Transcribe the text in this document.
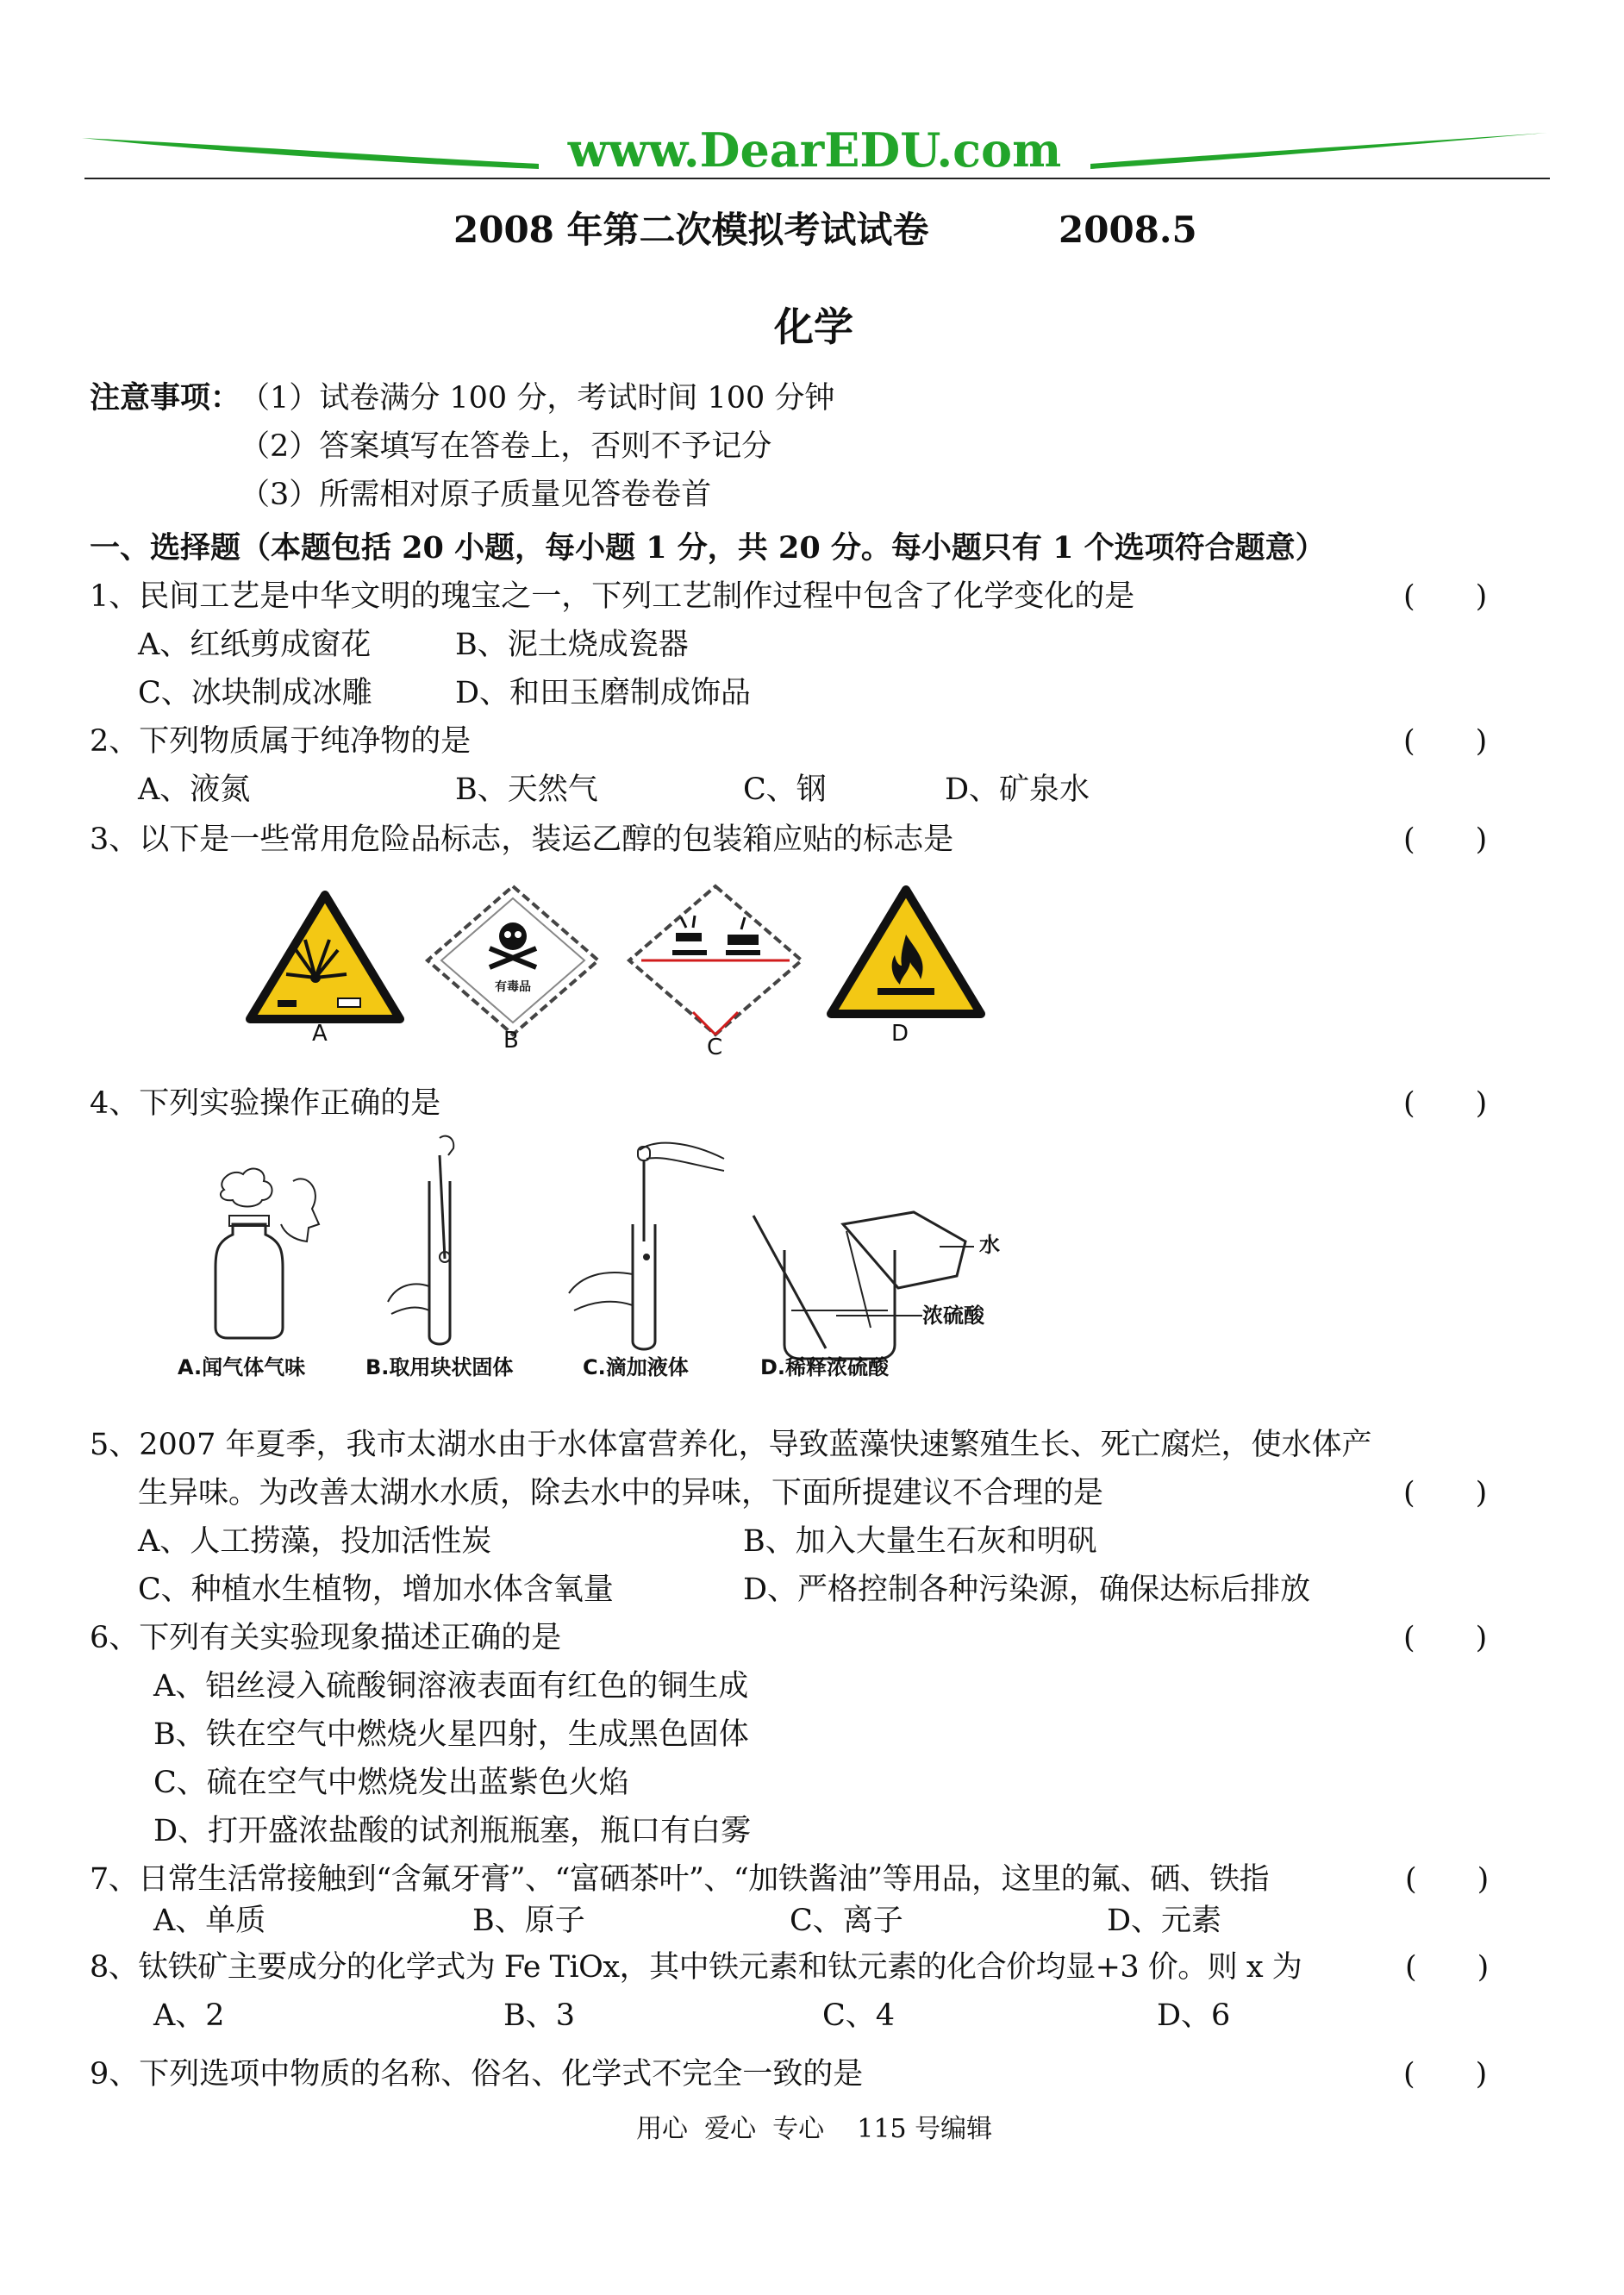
www.DearEDU.com
2008 年第二次模拟考试试卷	2008.5
化学
注意事项：
（1）试卷满分 100 分，考试时间 100 分钟
（2）答案填写在答卷上，否则不予记分
（3）所需相对原子质量见答卷卷首
一、选择题（本题包括 20 小题，每小题 1 分，共 20 分。每小题只有 1 个选项符合题意）
1、民间工艺是中华文明的瑰宝之一，下列工艺制作过程中包含了化学变化的是	(　　)
A、红纸剪成窗花	B、泥土烧成瓷器
C、冰块制成冰雕	D、和田玉磨制成饰品
2、下列物质属于纯净物的是	(　　)
A、液氮	B、天然气	C、钢	D、矿泉水
3、以下是一些常用危险品标志，装运乙醇的包装箱应贴的标志是	(　　)
A
有毒品
B	C
D
4、下列实验操作正确的是	(　　)
水
浓硫酸
A.闻气体气味	B.取用块状固体	C.滴加液体	D.稀释浓硫酸
5、2007 年夏季，我市太湖水由于水体富营养化，导致蓝藻快速繁殖生长、死亡腐烂，使水体产
生异味。为改善太湖水水质，除去水中的异味，下面所提建议不合理的是	(　　)
A、人工捞藻，投加活性炭	B、加入大量生石灰和明矾
C、种植水生植物，增加水体含氧量	D、严格控制各种污染源，确保达标后排放
6、下列有关实验现象描述正确的是	(　　)
A、铝丝浸入硫酸铜溶液表面有红色的铜生成
B、铁在空气中燃烧火星四射，生成黑色固体
C、硫在空气中燃烧发出蓝紫色火焰
D、打开盛浓盐酸的试剂瓶瓶塞，瓶口有白雾
7、日常生活常接触到“含氟牙膏”、“富硒茶叶”、“加铁酱油”等用品，这里的氟、硒、铁指	(　　)
A、单质	B、原子	C、离子	D、元素
8、钛铁矿主要成分的化学式为 Fe TiOx，其中铁元素和钛元素的化合价均显+3 价。则 x 为	(　　)
A、2	B、3	C、4	D、6
9、下列选项中物质的名称、俗名、化学式不完全一致的是	(　　)
用心  爱心  专心    115 号编辑
